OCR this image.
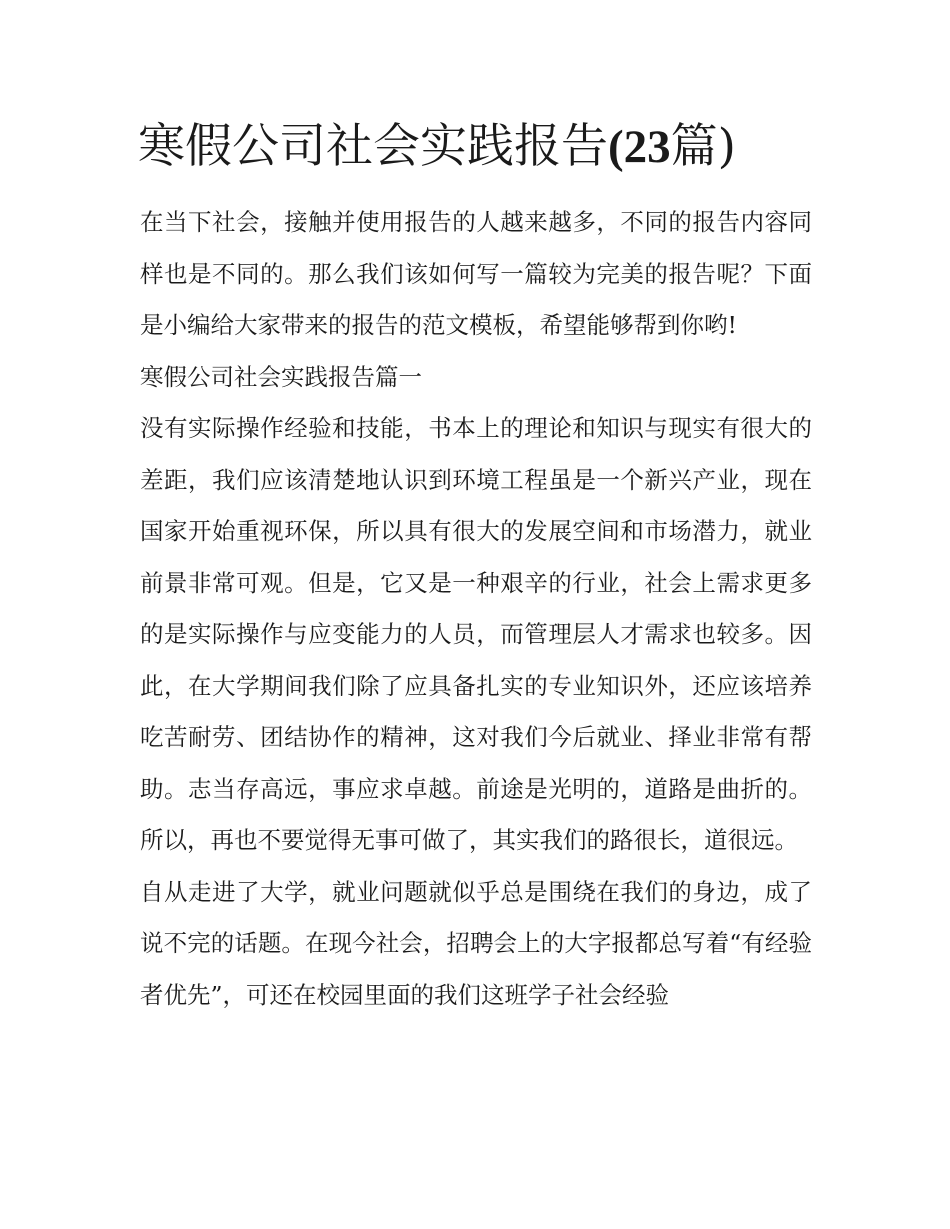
寒假公司社会实践报告(23篇)

在当下社会，接触并使用报告的人越来越多，不同的报告内容同样也是不同的。那么我们该如何写一篇较为完美的报告呢？下面是小编给大家带来的报告的范文模板，希望能够帮到你哟!

寒假公司社会实践报告篇一

没有实际操作经验和技能，书本上的理论和知识与现实有很大的差距，我们应该清楚地认识到环境工程虽是一个新兴产业，现在国家开始重视环保，所以具有很大的发展空间和市场潜力，就业前景非常可观。但是，它又是一种艰辛的行业，社会上需求更多的是实际操作与应变能力的人员，而管理层人才需求也较多。因此，在大学期间我们除了应具备扎实的专业知识外，还应该培养吃苦耐劳、团结协作的精神，这对我们今后就业、择业非常有帮助。志当存高远，事应求卓越。前途是光明的，道路是曲折的。所以，再也不要觉得无事可做了，其实我们的路很长，道很远。

自从走进了大学，就业问题就似乎总是围绕在我们的身边，成了说不完的话题。在现今社会，招聘会上的大字报都总写着“有经验者优先”，可还在校园里面的我们这班学子社会经验
